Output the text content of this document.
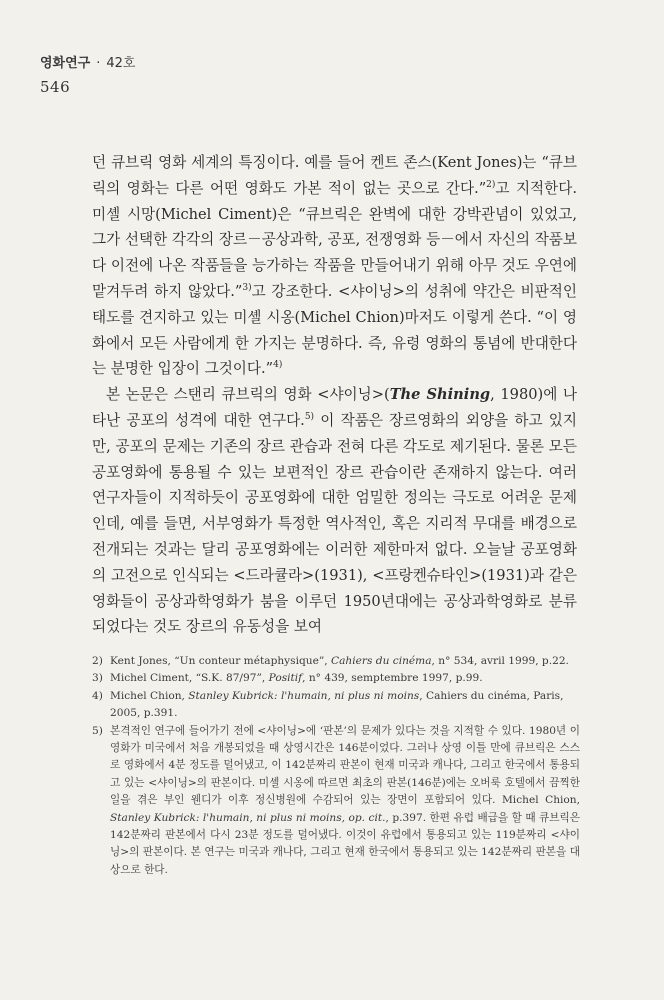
영화연구 · 42호
546

던 큐브릭 영화 세계의 특징이다. 예를 들어 켄트 존스(Kent Jones)는 “큐브릭의 영화는 다른 어떤 영화도 가본 적이 없는 곳으로 간다.”$^{2)}$고 지적한다. 미셸 시망(Michel Ciment)은 “큐브릭은 완벽에 대한 강박관념이 있었고, 그가 선택한 각각의 장르－공상과학, 공포, 전쟁영화 등－에서 자신의 작품보다 이전에 나온 작품들을 능가하는 작품을 만들어내기 위해 아무 것도 우연에 맡겨두려 하지 않았다.”$^{3)}$고 강조한다. <샤이닝>의 성취에 약간은 비판적인 태도를 견지하고 있는 미셸 시옹(Michel Chion)마저도 이렇게 쓴다. “이 영화에서 모든 사람에게 한 가지는 분명하다. 즉, 유령 영화의 통념에 반대한다는 분명한 입장이 그것이다.”$^{4)}$

본 논문은 스탠리 큐브릭의 영화 <샤이닝>(The Shining, 1980)에 나타난 공포의 성격에 대한 연구다.$^{5)}$ 이 작품은 장르영화의 외양을 하고 있지만, 공포의 문제는 기존의 장르 관습과 전혀 다른 각도로 제기된다. 물론 모든 공포영화에 통용될 수 있는 보편적인 장르 관습이란 존재하지 않는다. 여러 연구자들이 지적하듯이 공포영화에 대한 엄밀한 정의는 극도로 어려운 문제인데, 예를 들면, 서부영화가 특정한 역사적인, 혹은 지리적 무대를 배경으로 전개되는 것과는 달리 공포영화에는 이러한 제한마저 없다. 오늘날 공포영화의 고전으로 인식되는 <드라큘라>(1931), <프랑켄슈타인>(1931)과 같은 영화들이 공상과학영화가 붐을 이루던 1950년대에는 공상과학영화로 분류되었다는 것도 장르의 유동성을 보여

2) Kent Jones, “Un conteur métaphysique”, Cahiers du cinéma, n° 534, avril 1999, p.22.
3) Michel Ciment, “S.K. 87/97”, Positif, n° 439, semptembre 1997, p.99.
4) Michel Chion, Stanley Kubrick: l'humain, ni plus ni moins, Cahiers du cinéma, Paris, 2005, p.391.
5) 본격적인 연구에 들어가기 전에 <샤이닝>에 ‘판본’의 문제가 있다는 것을 지적할 수 있다. 1980년 이 영화가 미국에서 처음 개봉되었을 때 상영시간은 146분이었다. 그러나 상영 이틀 만에 큐브릭은 스스로 영화에서 4분 정도를 덜어냈고, 이 142분짜리 판본이 현재 미국과 캐나다, 그리고 한국에서 통용되고 있는 <샤이닝>의 판본이다. 미셸 시옹에 따르면 최초의 판본(146분)에는 오버룩 호텔에서 끔찍한 일을 겪은 부인 웬디가 이후 정신병원에 수감되어 있는 장면이 포함되어 있다. Michel Chion, Stanley Kubrick: l'humain, ni plus ni moins, op. cit., p.397. 한편 유럽 배급을 할 때 큐브릭은 142분짜리 판본에서 다시 23분 정도를 덜어냈다. 이것이 유럽에서 통용되고 있는 119분짜리 <샤이닝>의 판본이다. 본 연구는 미국과 캐나다, 그리고 현재 한국에서 통용되고 있는 142분짜리 판본을 대상으로 한다.
